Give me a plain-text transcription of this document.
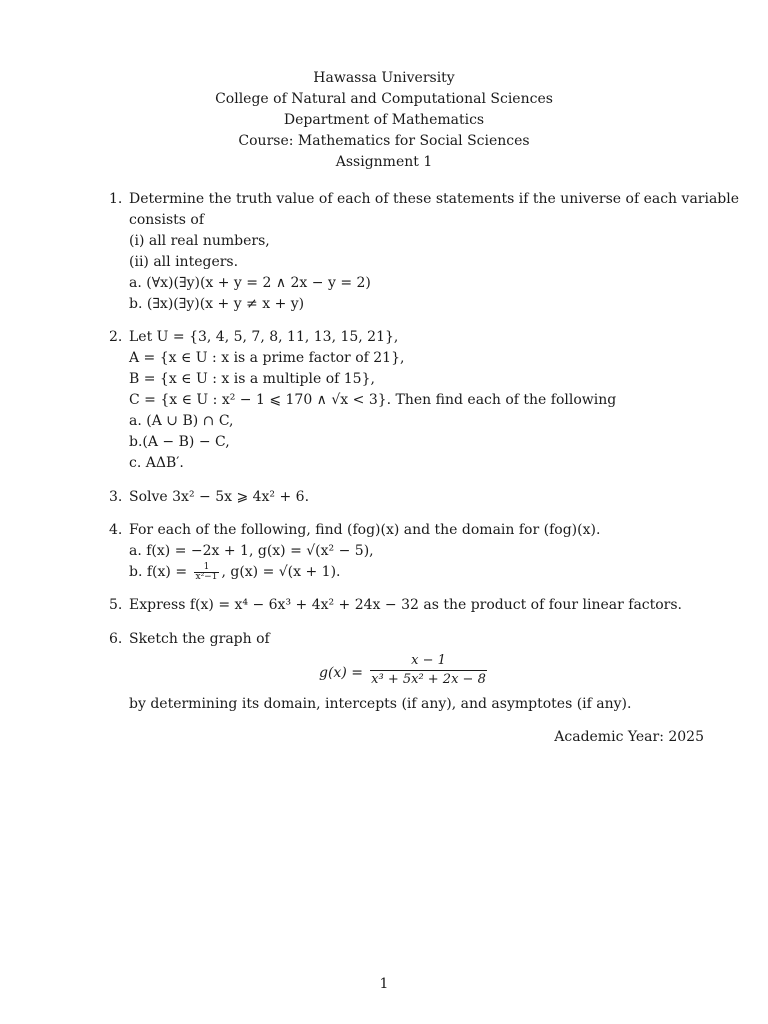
Hawassa University
College of Natural and Computational Sciences
Department of Mathematics
Course: Mathematics for Social Sciences
Assignment 1
1. Determine the truth value of each of these statements if the universe of each variable
consists of
(i) all real numbers,
(ii) all integers.
a. (∀x)(∃y)(x + y = 2 ∧ 2x − y = 2)
b. (∃x)(∃y)(x + y ≠ x + y)
2. Let U = {3, 4, 5, 7, 8, 11, 13, 15, 21},
A = {x ∈ U : x is a prime factor of 21},
B = {x ∈ U : x is a multiple of 15},
C = {x ∈ U : x² − 1 ⩽ 170 ∧ √x < 3}. Then find each of the following
a. (A ∪ B) ∩ C,
b.(A − B) − C,
c. AΔB′.
3. Solve 3x² − 5x ⩾ 4x² + 6.
4. For each of the following, find (fog)(x) and the domain for (fog)(x).
a. f(x) = −2x + 1, g(x) = √(x² − 5),
b. $f(x) = \frac{1}{\text{x²−1}}$ , g(x) = √(x + 1).
5. Express f(x) = x⁴ − 6x³ + 4x² + 24x − 32 as the product of four linear factors.
6. Sketch the graph of
$g(x) = \frac{x - 1}{\text{x³ + 5x² + 2x − 8}}$
by determining its domain, intercepts (if any), and asymptotes (if any).
Academic Year: 2025
1
